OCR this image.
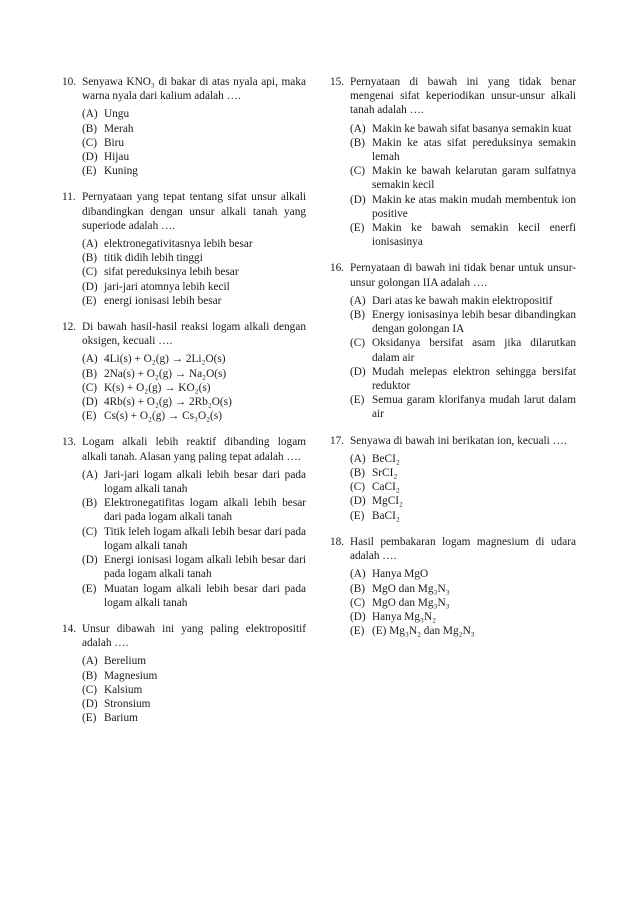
10. Senyawa KNO₃ di bakar di atas nyala api, maka warna nyala dari kalium adalah ….
(A) Ungu
(B) Merah
(C) Biru
(D) Hijau
(E) Kuning
11. Pernyataan yang tepat tentang sifat unsur alkali dibandingkan dengan unsur alkali tanah yang superiode adalah ….
(A) elektronegativitasnya lebih besar
(B) titik didih lebih tinggi
(C) sifat pereduksinya lebih besar
(D) jari-jari atomnya lebih kecil
(E) energi ionisasi lebih besar
12. Di bawah hasil-hasil reaksi logam alkali dengan oksigen, kecuali ….
(A) 4Li(s) + O₂(g) → 2Li₂O(s)
(B) 2Na(s) + O₂(g) → Na₂O(s)
(C) K(s) + O₂(g) → KO₂(s)
(D) 4Rb(s) + O₂(g) → 2Rb₂O(s)
(E) Cs(s) + O₂(g) → Cs₃O₂(s)
13. Logam alkali lebih reaktif dibanding logam alkali tanah. Alasan yang paling tepat adalah ….
(A) Jari-jari logam alkali lebih besar dari pada logam alkali tanah
(B) Elektronegatifitas logam alkali lebih besar dari pada logam alkali tanah
(C) Titik leleh logam alkali lebih besar dari pada logam alkali tanah
(D) Energi ionisasi logam alkali lebih besar dari pada logam alkali tanah
(E) Muatan logam alkali lebih besar dari pada logam alkali tanah
14. Unsur dibawah ini yang paling elektropositif adalah ….
(A) Berelium
(B) Magnesium
(C) Kalsium
(D) Stronsium
(E) Barium
15. Pernyataan di bawah ini yang tidak benar mengenai sifat keperiodikan unsur-unsur alkali tanah adalah ….
(A) Makin ke bawah sifat basanya semakin kuat
(B) Makin ke atas sifat pereduksinya semakin lemah
(C) Makin ke bawah kelarutan garam sulfatnya semakin kecil
(D) Makin ke atas makin mudah membentuk ion positive
(E) Makin ke bawah semakin kecil enerfi ionisasinya
16. Pernyataan di bawah ini tidak benar untuk unsur-unsur golongan IIA adalah ….
(A) Dari atas ke bawah makin elektropositif
(B) Energy ionisasinya lebih besar dibandingkan dengan golongan IA
(C) Oksidanya bersifat asam jika dilarutkan dalam air
(D) Mudah melepas elektron sehingga bersifat reduktor
(E) Semua garam klorifanya mudah larut dalam air
17. Senyawa di bawah ini berikatan ion, kecuali ….
(A) BeCI₂
(B) SrCI₂
(C) CaCI₂
(D) MgCI₂
(E) BaCI₂
18. Hasil pembakaran logam magnesium di udara adalah ….
(A) Hanya MgO
(B) MgO dan Mg₃N₃
(C) MgO dan Mg₃N₃
(D) Hanya Mg₃N₂
(E) (E) Mg₃N₂ dan Mg₂N₃
